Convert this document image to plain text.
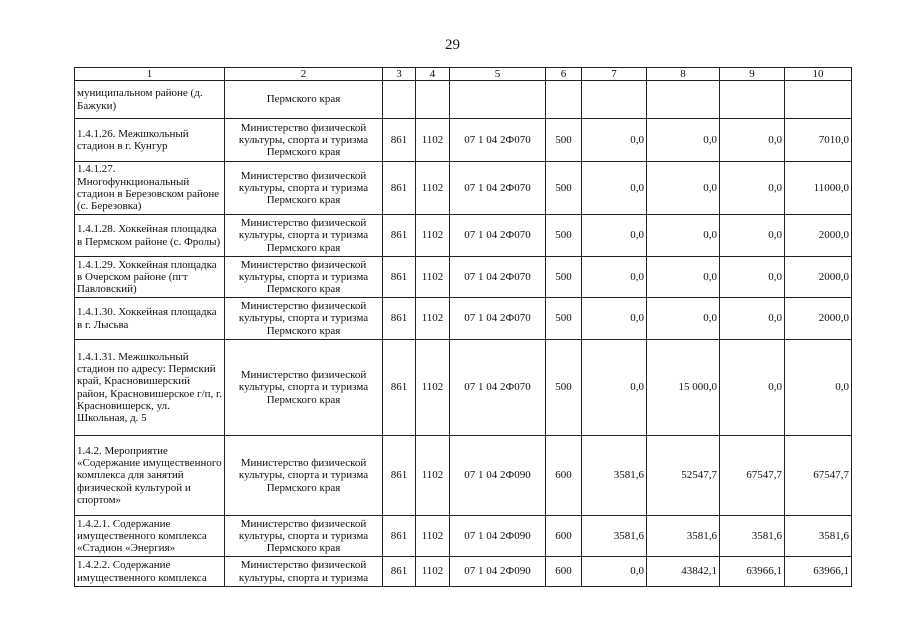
29
1	2	3	4	5	6	7	8	9	10
муниципальном районе (д. Бажуки)	Пермского края								
1.4.1.26. Межшкольный стадион в г. Кунгур	Министерство физической культуры, спорта и туризма Пермского края	861	1102	07 1 04 2Ф070	500	0,0	0,0	0,0	7010,0
1.4.1.27. Многофункциональный стадион в Березовском районе (с. Березовка)	Министерство физической культуры, спорта и туризма Пермского края	861	1102	07 1 04 2Ф070	500	0,0	0,0	0,0	11000,0
1.4.1.28. Хоккейная площадка в Пермском районе (с. Фролы)	Министерство физической культуры, спорта и туризма Пермского края	861	1102	07 1 04 2Ф070	500	0,0	0,0	0,0	2000,0
1.4.1.29. Хоккейная площадка в Очерском районе (пгт Павловский)	Министерство физической культуры, спорта и туризма Пермского края	861	1102	07 1 04 2Ф070	500	0,0	0,0	0,0	2000,0
1.4.1.30. Хоккейная площадка в г. Лысьва	Министерство физической культуры, спорта и туризма Пермского края	861	1102	07 1 04 2Ф070	500	0,0	0,0	0,0	2000,0
1.4.1.31. Межшкольный стадион по адресу: Пермский край, Красновишерский район, Красновишерское г/п, г. Красновишерск, ул. Школьная, д. 5	Министерство физической культуры, спорта и туризма Пермского края	861	1102	07 1 04 2Ф070	500	0,0	15 000,0	0,0	0,0
1.4.2. Мероприятие «Содержание имущественного комплекса для занятий физической культурой и спортом»	Министерство физической культуры, спорта и туризма Пермского края	861	1102	07 1 04 2Ф090	600	3581,6	52547,7	67547,7	67547,7
1.4.2.1. Содержание имущественного комплекса «Стадион «Энергия»	Министерство физической культуры, спорта и туризма Пермского края	861	1102	07 1 04 2Ф090	600	3581,6	3581,6	3581,6	3581,6
1.4.2.2. Содержание имущественного комплекса	Министерство физической культуры, спорта и туризма	861	1102	07 1 04 2Ф090	600	0,0	43842,1	63966,1	63966,1
